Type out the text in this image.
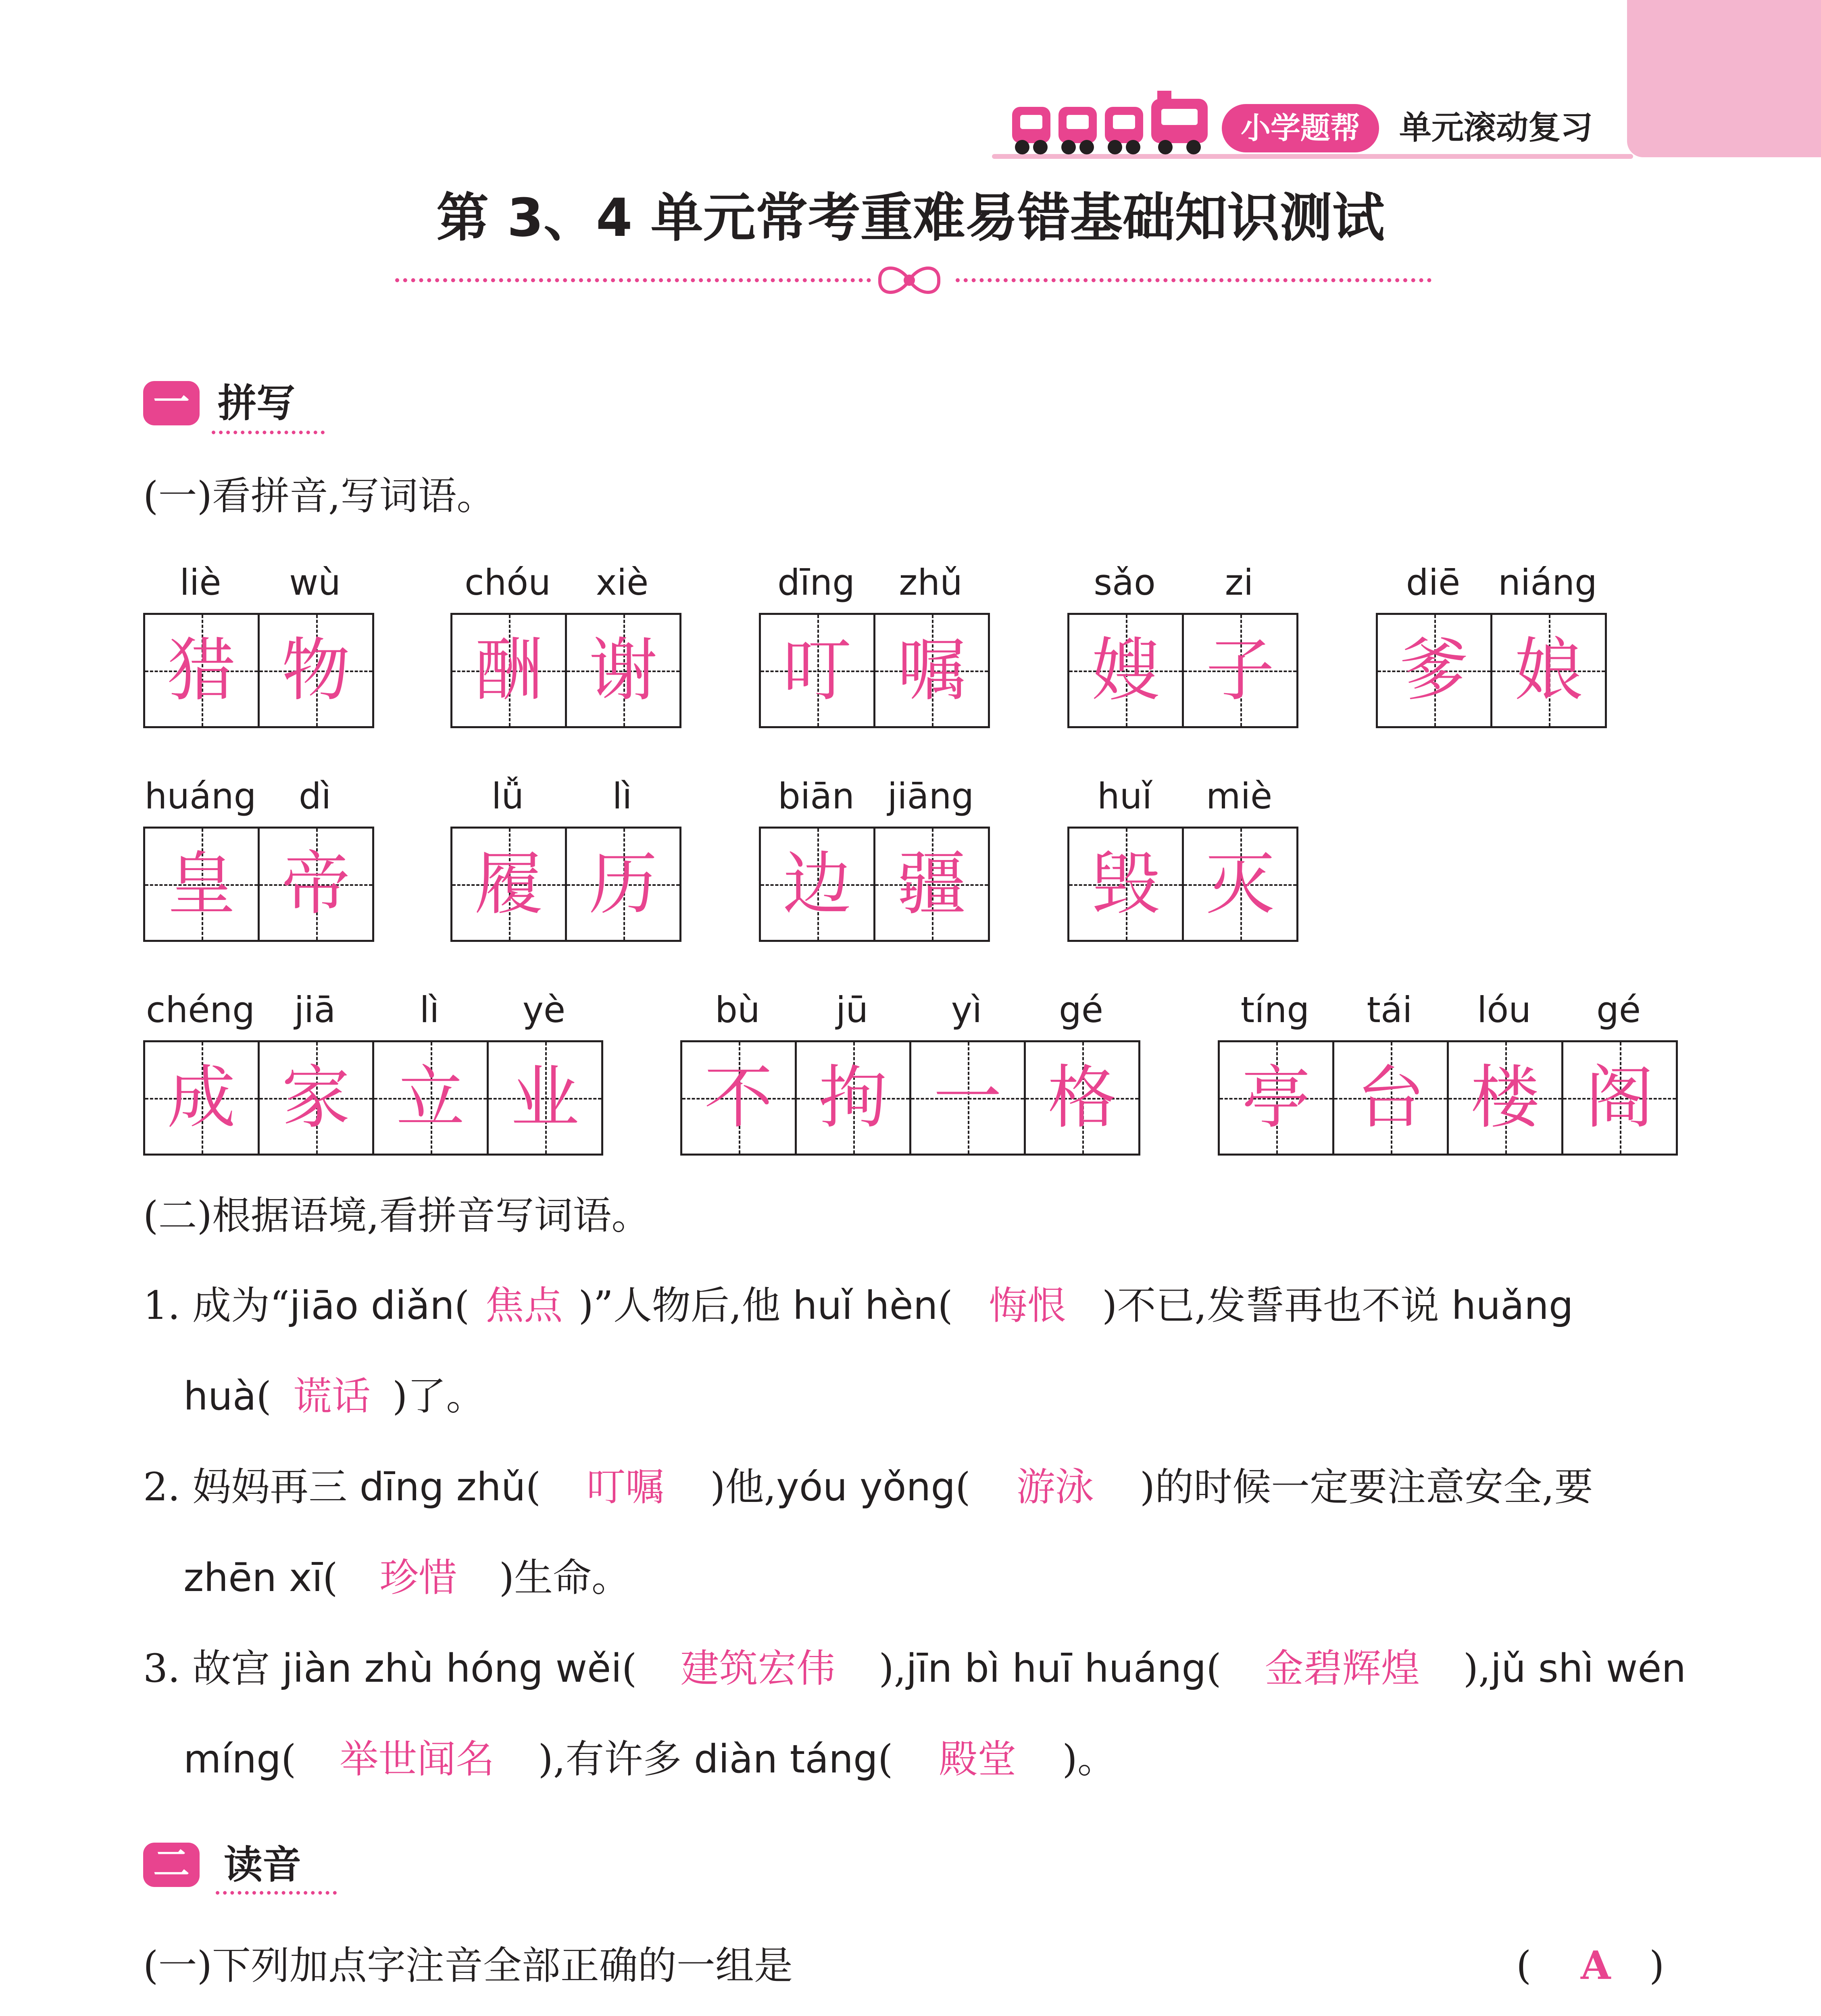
小学题帮	单元滚动复习
第 3、4 单元常考重难易错基础知识测试
一 拼写
(一)看拼音,写词语。
liè	wù
猎 物
chóu	xiè
酬 谢
dīng	zhǔ
叮 嘱
sǎo	zi
嫂 子
diē	niáng
爹 娘
huáng	dì
皇 帝
lǚ	lì
履 历
biān jiāng
边 疆
huǐ	miè
毁 灭
chéng	jiā	lì	yè
成 家 立 业
bù	jū	yì	gé
不 拘 一 格
tíng	tái	lóu	gé
亭 台 楼 阁
(二)根据语境,看拼音写词语。
1. 成为“jiāo diǎn( 焦点 )”人物后,他 huǐ hèn( 悔恨 )不已,发誓再也不说 huǎng
huà( 谎话 )了。
2. 妈妈再三 dīng zhǔ( 叮嘱 )他,yóu yǒng( 游泳 )的时候一定要注意安全,要
zhēn xī( 珍惜 )生命。
3. 故宫 jiàn zhù hóng wěi( 建筑宏伟 ),jīn bì huī huáng( 金碧辉煌 ),jǔ shì wén
míng( 举世闻名 ),有许多 diàn táng( 殿堂 )。
二 读音
(一)下列加点字注音全部正确的一组是	( A )
